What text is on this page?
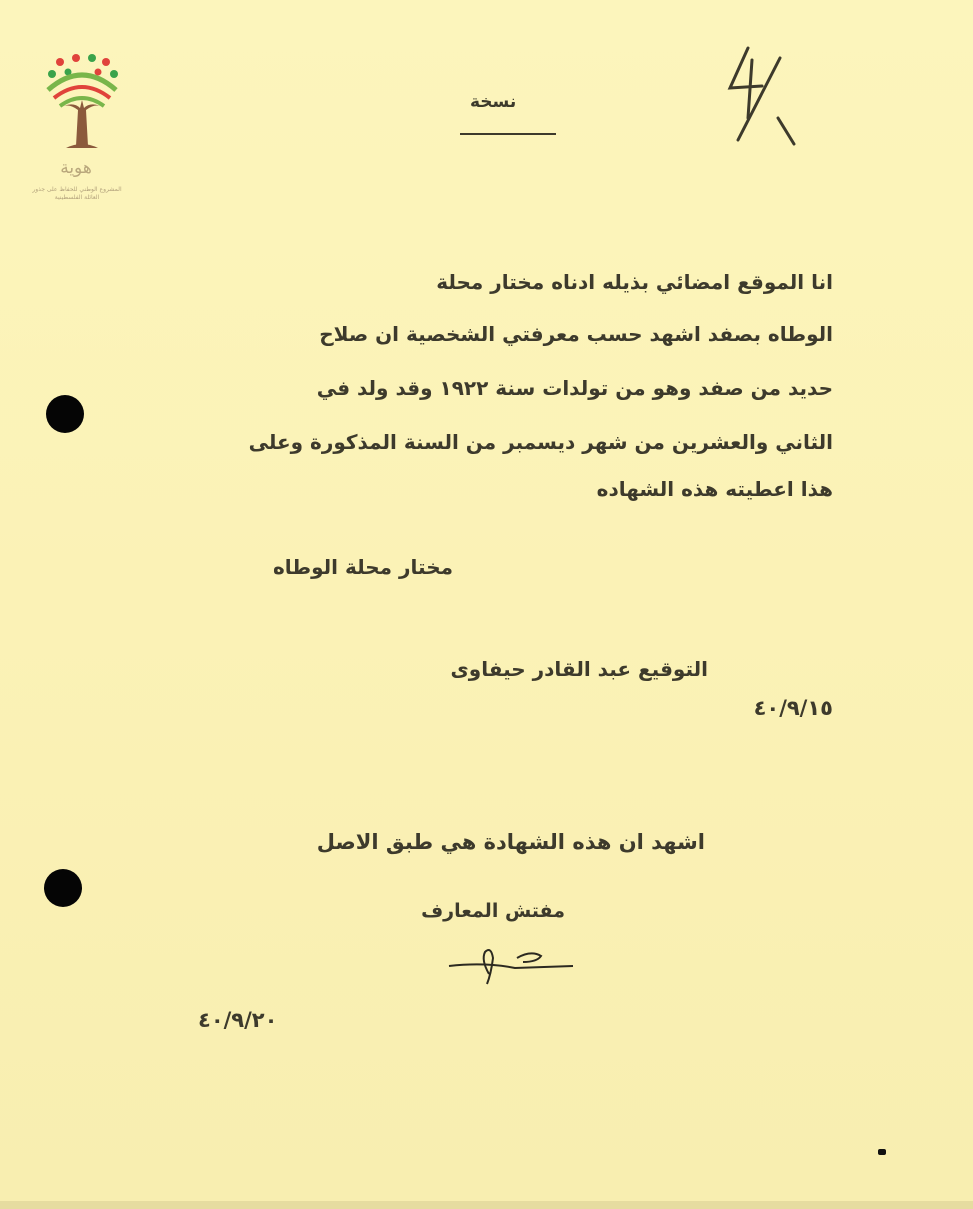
هوية
المشروع الوطني للحفاظ على جذور العائلة الفلسطينية
نسخة
انا الموقع امضائي بذيله ادناه مختار محلة
الوطاه بصفد اشهد حسب معرفتي الشخصية ان صلاح
حديد من صفد وهو من تولدات سنة ١٩٢٢ وقد ولد في
الثاني والعشرين من شهر ديسمبر من السنة المذكورة وعلى
هذا اعطيته هذه الشهاده
مختار محلة الوطاه
التوقيع عبد القادر حيفاوى
٤٠/٩/١٥
اشهد ان هذه الشهادة هي طبق الاصل
مفتش المعارف
٤٠/٩/٢٠
